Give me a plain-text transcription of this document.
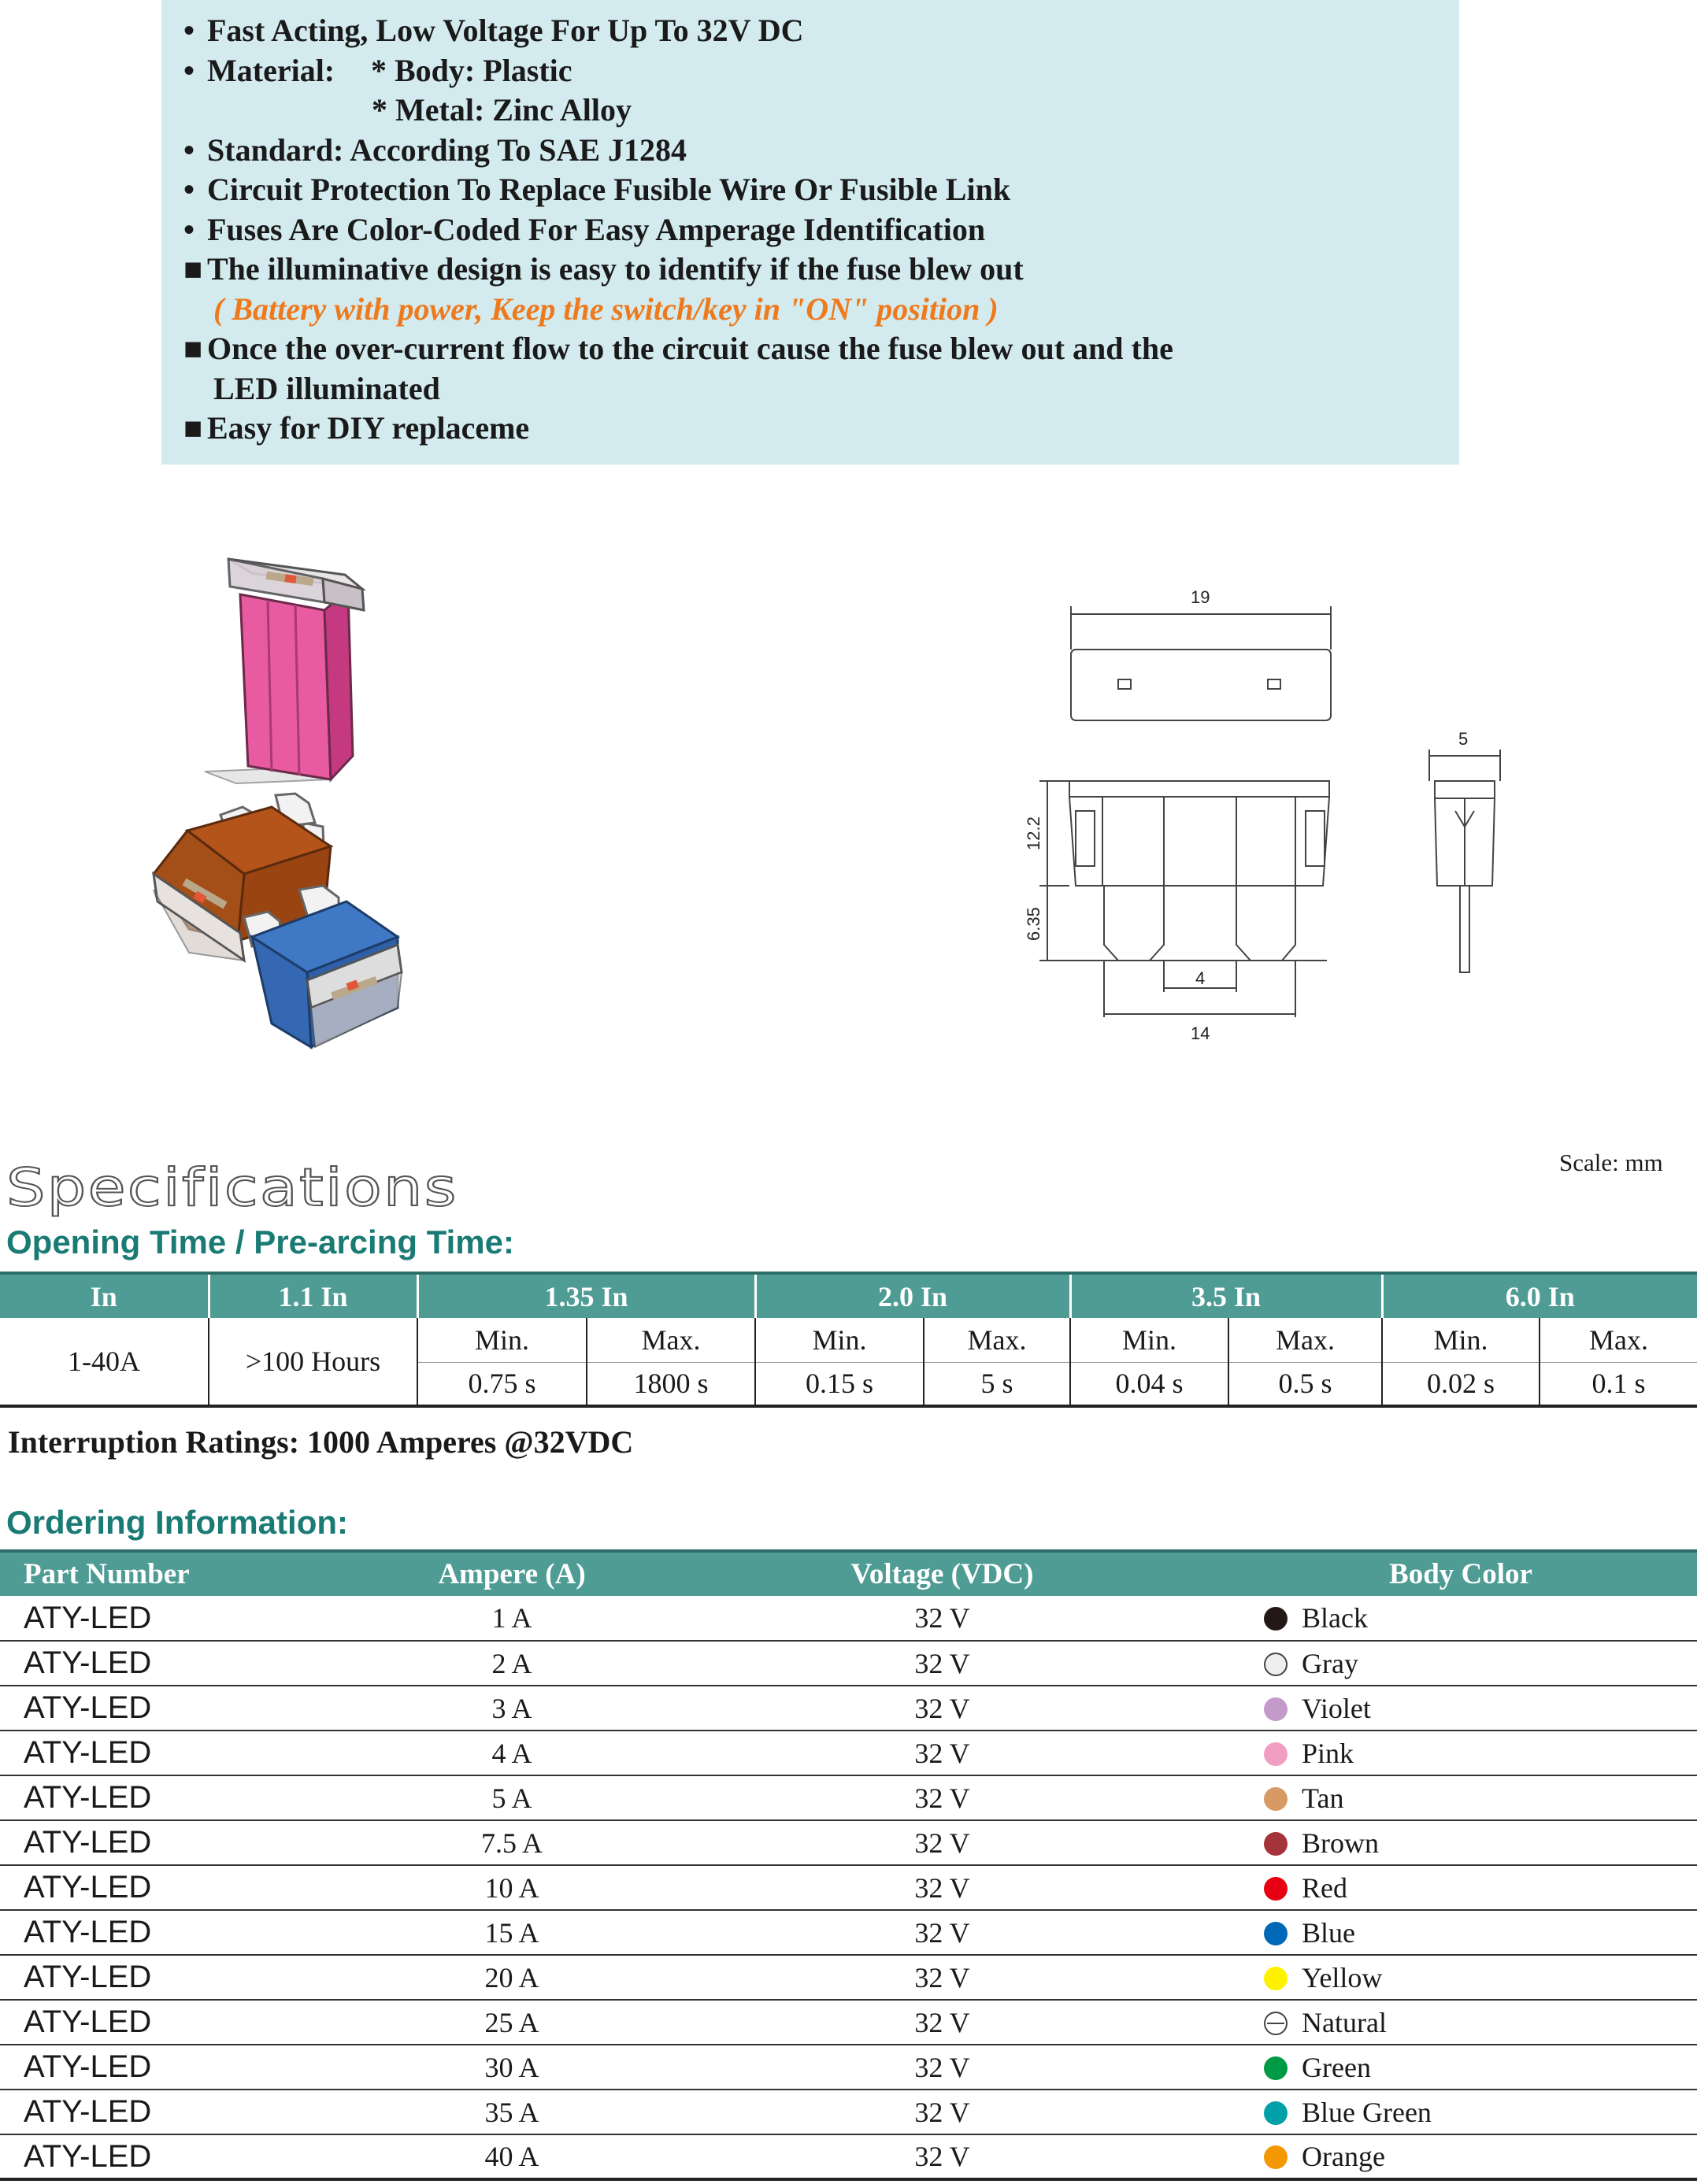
• Fast Acting, Low Voltage For Up To 32V DC
• Material: * Body: Plastic
* Metal: Zinc Alloy
• Standard: According To SAE J1284
• Circuit Protection To Replace Fusible Wire Or Fusible Link
• Fuses Are Color-Coded For Easy Amperage Identification
■ The illuminative design is easy to identify if the fuse blew out
( Battery with power, Keep the switch/key in "ON" position )
■ Once the over-current flow to the circuit cause the fuse blew out and the
LED illuminated
■ Easy for DIY replaceme
19
5
12.2
6.35
4
14
Scale: mm
Specifications
Opening Time / Pre-arcing Time:
In	1.1 In	1.35 In		2.0 In		3.5 In		6.0 In	
1-40A	>100 Hours	Min.	Max.	Min.	Max.	Min.	Max.	Min.	Max.
		0.75 s	1800 s	0.15 s	5 s	0.04 s	0.5 s	0.02 s	0.1 s
Interruption Ratings: 1000 Amperes @32VDC
Ordering Information:
Part Number	Ampere (A)	Voltage (VDC)	Body Color
ATY-LED	1 A	32 V	Black
ATY-LED	2 A	32 V	Gray
ATY-LED	3 A	32 V	Violet
ATY-LED	4 A	32 V	Pink
ATY-LED	5 A	32 V	Tan
ATY-LED	7.5 A	32 V	Brown
ATY-LED	10 A	32 V	Red
ATY-LED	15 A	32 V	Blue
ATY-LED	20 A	32 V	Yellow
ATY-LED	25 A	32 V	Natural
ATY-LED	30 A	32 V	Green
ATY-LED	35 A	32 V	Blue Green
ATY-LED	40 A	32 V	Orange
